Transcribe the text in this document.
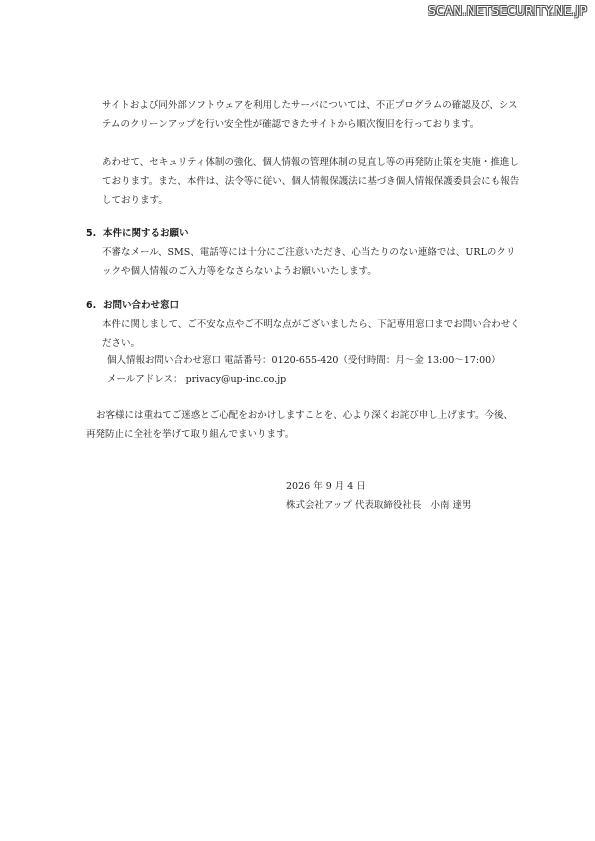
SCAN.NETSECURITY.NE.JP

サイトおよび同外部ソフトウェアを利用したサーバについては、不正プログラムの確認及び、システムのクリーンアップを行い安全性が確認できたサイトから順次復旧を行っております。

あわせて、セキュリティ体制の強化、個人情報の管理体制の見直し等の再発防止策を実施・推進しております。また、本件は、法令等に従い、個人情報保護法に基づき個人情報保護委員会にも報告しております。

5. 本件に関するお願い

不審なメール、SMS、電話等には十分にご注意いただき、心当たりのない連絡では、URLのクリックや個人情報のご入力等をなさらないようお願いいたします。

6. お問い合わせ窓口

本件に関しまして、ご不安な点やご不明な点がございましたら、下記専用窓口までお問い合わせください。

個人情報お問い合わせ窓口 電話番号：0120-655-420（受付時間：月～金 13:00～17:00）
メールアドレス： privacy@up-inc.co.jp

お客様には重ねてご迷惑とご心配をおかけしますことを、心より深くお詫び申し上げます。今後、再発防止に全社を挙げて取り組んでまいります。

2026 年 9 月 4 日
株式会社アップ 代表取締役社長 小南 達男
